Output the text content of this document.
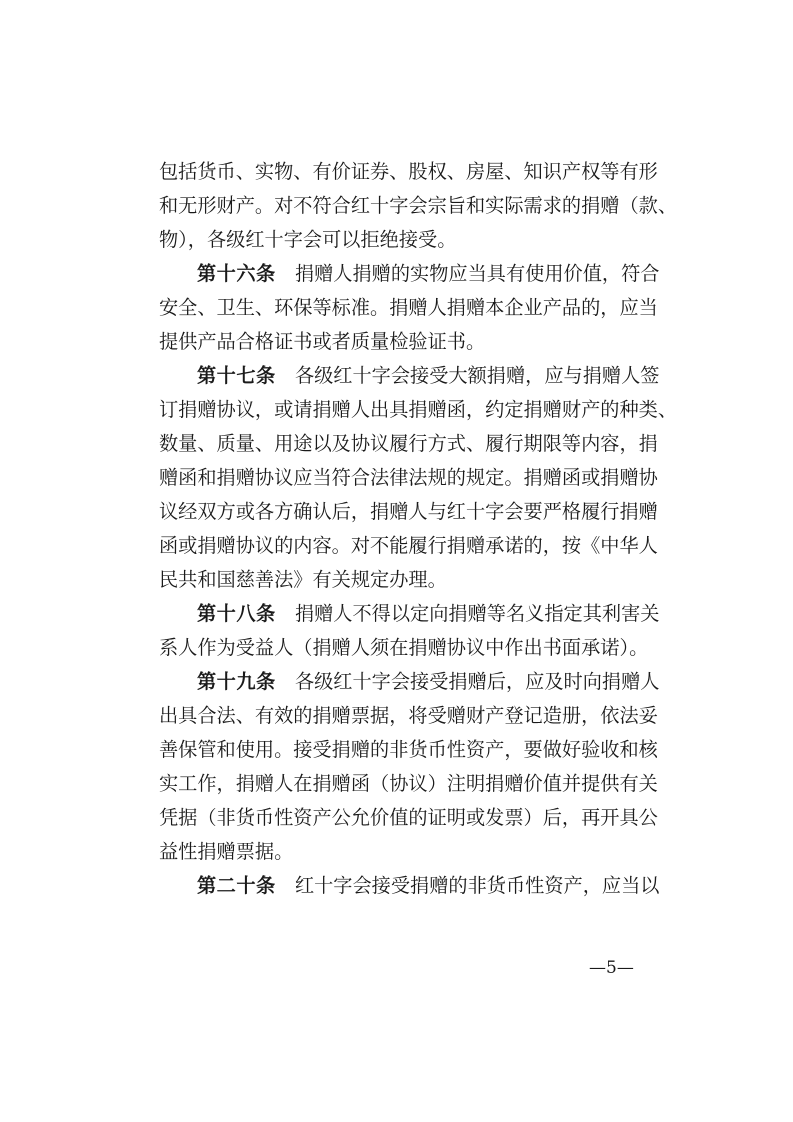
包括货币、实物、有价证券、股权、房屋、知识产权等有形
和无形财产。对不符合红十字会宗旨和实际需求的捐赠（款、
物），各级红十字会可以拒绝接受。
第十六条　 捐赠人捐赠的实物应当具有使用价值，符合
安全、卫生、环保等标准。捐赠人捐赠本企业产品的，应当
提供产品合格证书或者质量检验证书。
第十七条　 各级红十字会接受大额捐赠，应与捐赠人签
订捐赠协议，或请捐赠人出具捐赠函，约定捐赠财产的种类、
数量、质量、用途以及协议履行方式、履行期限等内容，捐
赠函和捐赠协议应当符合法律法规的规定。捐赠函或捐赠协
议经双方或各方确认后，捐赠人与红十字会要严格履行捐赠
函或捐赠协议的内容。对不能履行捐赠承诺的，按《中华人
民共和国慈善法》有关规定办理。
第十八条　 捐赠人不得以定向捐赠等名义指定其利害关
系人作为受益人（捐赠人须在捐赠协议中作出书面承诺）。
第十九条　 各级红十字会接受捐赠后，应及时向捐赠人
出具合法、有效的捐赠票据，将受赠财产登记造册，依法妥
善保管和使用。接受捐赠的非货币性资产，要做好验收和核
实工作，捐赠人在捐赠函（协议）注明捐赠价值并提供有关
凭据（非货币性资产公允价值的证明或发票）后，再开具公
益性捐赠票据。
第二十条　 红十字会接受捐赠的非货币性资产，应当以
—5—
